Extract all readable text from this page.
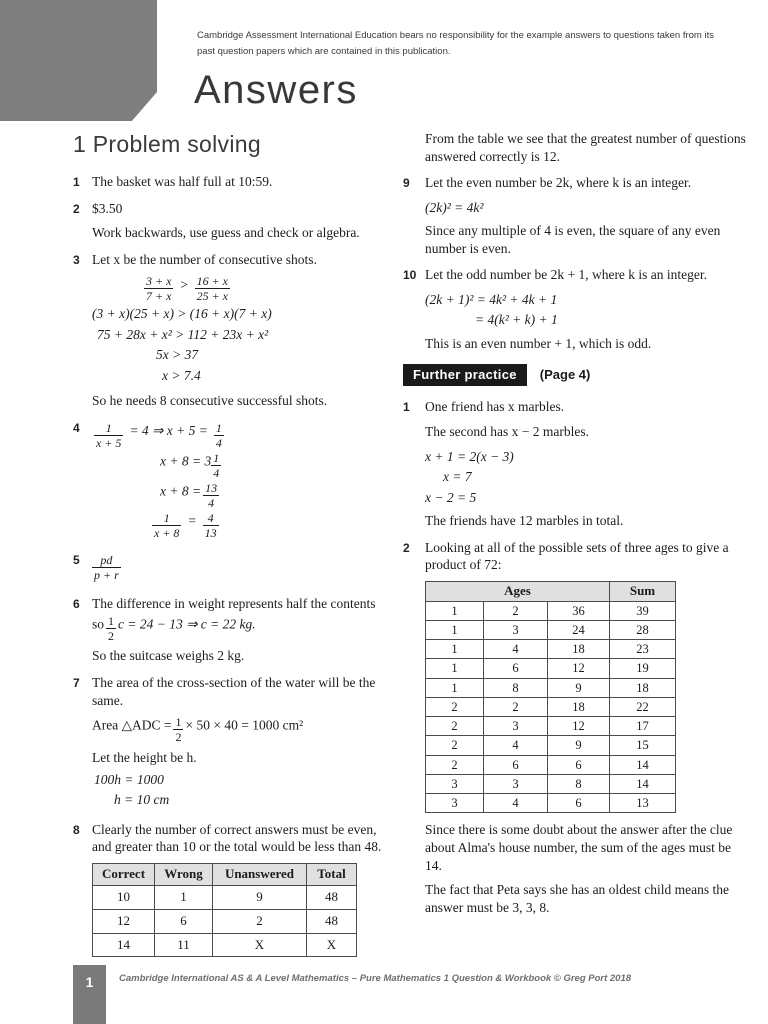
Cambridge Assessment International Education bears no responsibility for the example answers to questions taken from its past question papers which are contained in this publication.
Answers
1 Problem solving
1 The basket was half full at 10:59.

2 $3.50

Work backwards, use guess and check or algebra.

3 Let x be the number of consecutive shots.

$\frac{3 + x}{7 + x} > \frac{16 + x}{25 + x}$
(3 + x)(25 + x) > (16 + x)(7 + x)
75 + 28x + x² > 112 + 23x + x²
5x > 37
x > 7.4

So he needs 8 consecutive successful shots.

4	$\frac{1}{x + 5} = 4$ ⇒ $x + 5 = \frac{1}{4}$
$x + 8 = 3 \frac{1}{4}$
$x + 8 = \frac{13}{4}$
$\frac{1}{x + 8} = \frac{4}{13}$
5	$\frac{pd}{p + r}$
6 The difference in weight represents half the contents

so $\frac{1}{2}$ c = 24 − 13 ⇒ c = 22 kg.

So the suitcase weighs 2 kg.

7 The area of the cross-section of the water will be the same.

Area △ADC = $\frac{1}{2} \times 50 \times 40 = 1000$ cm²

Let the height be h.

100h = 1000
h = 10 cm
8 Clearly the number of correct answers must be even, and greater than 10 or the total would be less than 48.

Correct	Wrong	Unanswered	Total
10	1	9	48
12	6	2	48
14	11	X	X

From the table we see that the greatest number of questions answered correctly is 12.

9	Let the even number be 2k, where k is an integer.

(2k)² = 4k²

Since any multiple of 4 is even, the square of any even number is even.

10 Let the odd number be 2k + 1, where k is an integer.

(2k + 1)² = 4k² + 4k + 1
= 4(k² + k) + 1

This is an even number + 1, which is odd.

Further practice (Page 4)
1	One friend has x marbles.

The second has x − 2 marbles.

x + 1 = 2(x − 3)
x = 7
x − 2 = 5

The friends have 12 marbles in total.

2	Looking at all of the possible sets of three ages to give a product of 72:

Ages			Sum
1	2	36	39
1	3	24	28
1	4	18	23
1	6	12	19
1	8	9	18
2	2	18	22
2	3	12	17
2	4	9	15
2	6	6	14
3	3	8	14
3	4	6	13

Since there is some doubt about the answer after the clue about Alma's house number, the sum of the ages must be 14.

The fact that Peta says she has an oldest child means the answer must be 3, 3, 8.

1	Cambridge International AS & A Level Mathematics – Pure Mathematics 1 Question & Workbook © Greg Port 2018
